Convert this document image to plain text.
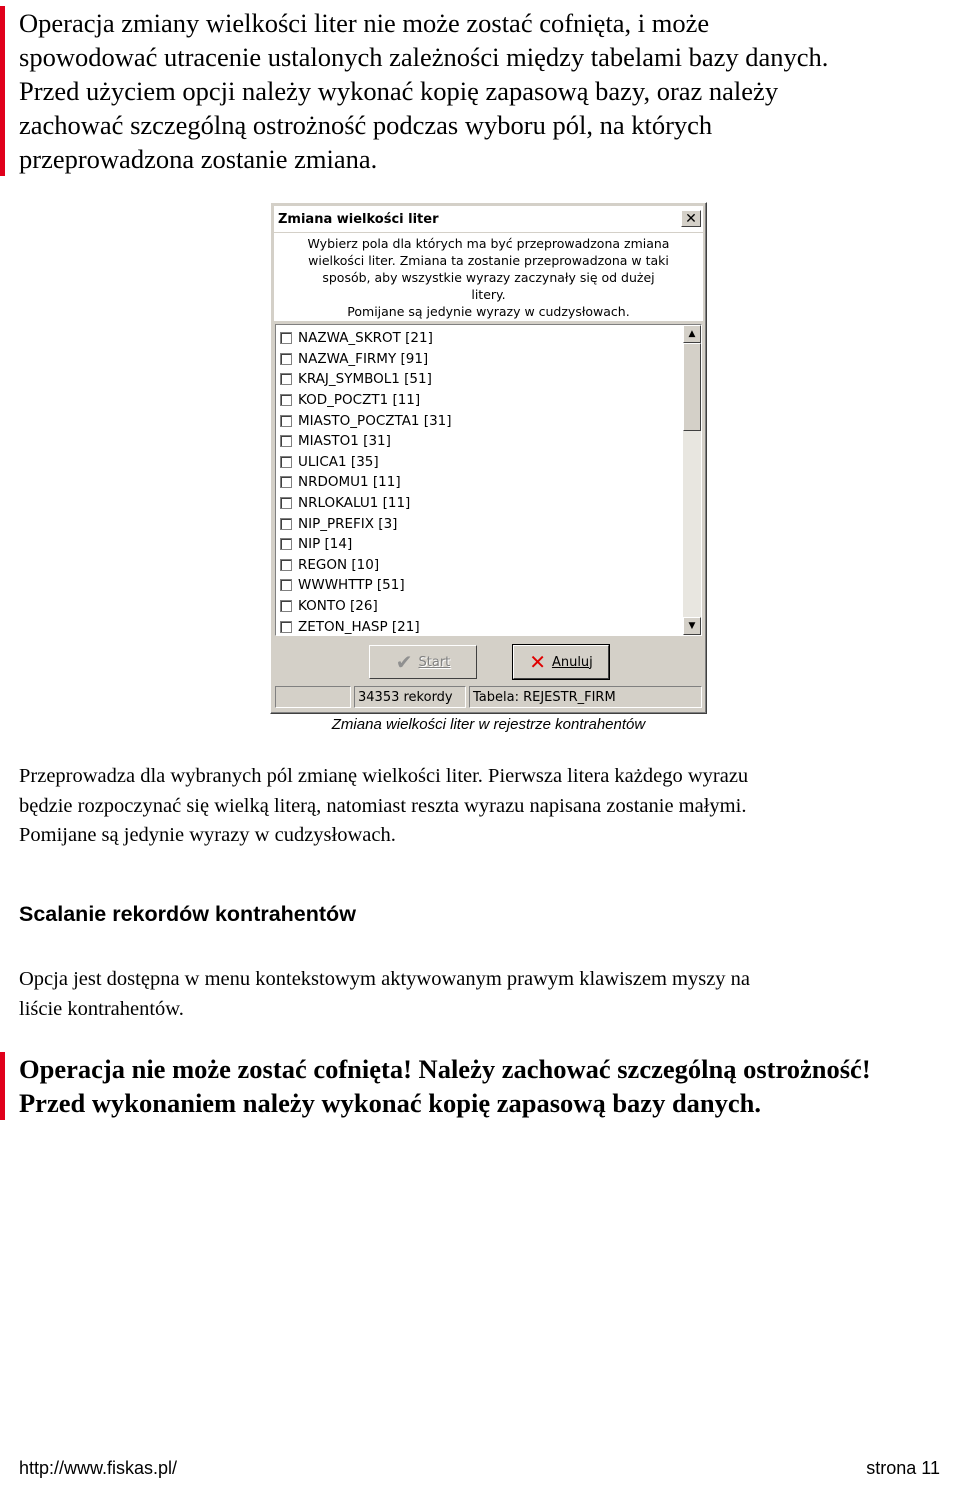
Operacja zmiany wielkości liter nie może zostać cofnięta, i może

spowodować utracenie ustalonych zależności między tabelami bazy danych.

Przed użyciem opcji należy wykonać kopię zapasową bazy, oraz należy

zachować szczególną ostrożność podczas wyboru pól, na których

przeprowadzona zostanie zmiana.

Zmiana wielkości liter	✕
Wybierz pola dla których ma być przeprowadzona zmiana
wielkości liter. Zmiana ta zostanie przeprowadzona w taki
sposób, aby wszystkie wyrazy zaczynały się od dużej litery.
Pomijane są jedynie wyrazy w cudzysłowach.
NAZWA_SKROT [21]
NAZWA_FIRMY [91]
KRAJ_SYMBOL1 [51]
KOD_POCZT1 [11]
MIASTO_POCZTA1 [31]
MIASTO1 [31]
ULICA1 [35]
NRDOMU1 [11]
NRLOKALU1 [11]
NIP_PREFIX [3]
NIP [14]
REGON [10]
WWWHTTP [51]
KONTO [26]
ZETON_HASP [21]
▲
▼
✔ Start	✕ Anuluj
34353 rekordy	Tabela: REJESTR_FIRM
Zmiana wielkości liter w rejestrze kontrahentów
Przeprowadza dla wybranych pól zmianę wielkości liter. Pierwsza litera każdego wyrazu
będzie rozpoczynać się wielką literą, natomiast reszta wyrazu napisana zostanie małymi.
Pomijane są jedynie wyrazy w cudzysłowach.
Scalanie rekordów kontrahentów
Opcja jest dostępna w menu kontekstowym aktywowanym prawym klawiszem myszy na
liście kontrahentów.

Operacja nie może zostać cofnięta! Należy zachować szczególną ostrożność!

Przed wykonaniem należy wykonać kopię zapasową bazy danych.

http://www.fiskas.pl/	strona 11
